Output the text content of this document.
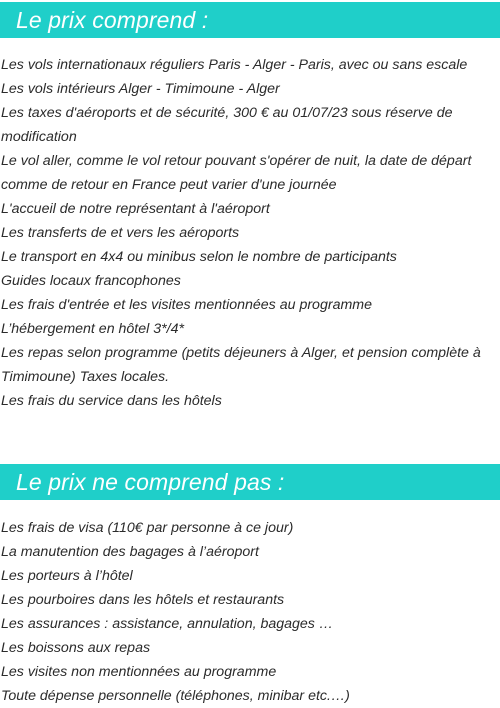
Le prix comprend :
Les vols internationaux réguliers Paris - Alger - Paris, avec ou sans escale
Les vols intérieurs Alger - Timimoune - Alger
Les taxes d'aéroports et de sécurité, 300 € au 01/07/23 sous réserve de modification
Le vol aller, comme le vol retour pouvant s'opérer de nuit, la date de départ comme de retour en France peut varier d'une journée
L'accueil de notre représentant à l'aéroport
Les transferts de et vers les aéroports
Le transport en 4x4 ou minibus selon le nombre de participants
Guides locaux francophones
Les frais d'entrée et les visites mentionnées au programme
L’hébergement en hôtel 3*/4*
Les repas selon programme (petits déjeuners à Alger, et pension complète à Timimoune) Taxes locales.
Les frais du service dans les hôtels
Le prix ne comprend pas :
Les frais de visa (110€ par personne à ce jour)
La manutention des bagages à l’aéroport
Les porteurs à l’hôtel
Les pourboires dans les hôtels et restaurants
Les assurances : assistance, annulation, bagages …
Les boissons aux repas
Les visites non mentionnées au programme
Toute dépense personnelle (téléphones, minibar etc.…)
